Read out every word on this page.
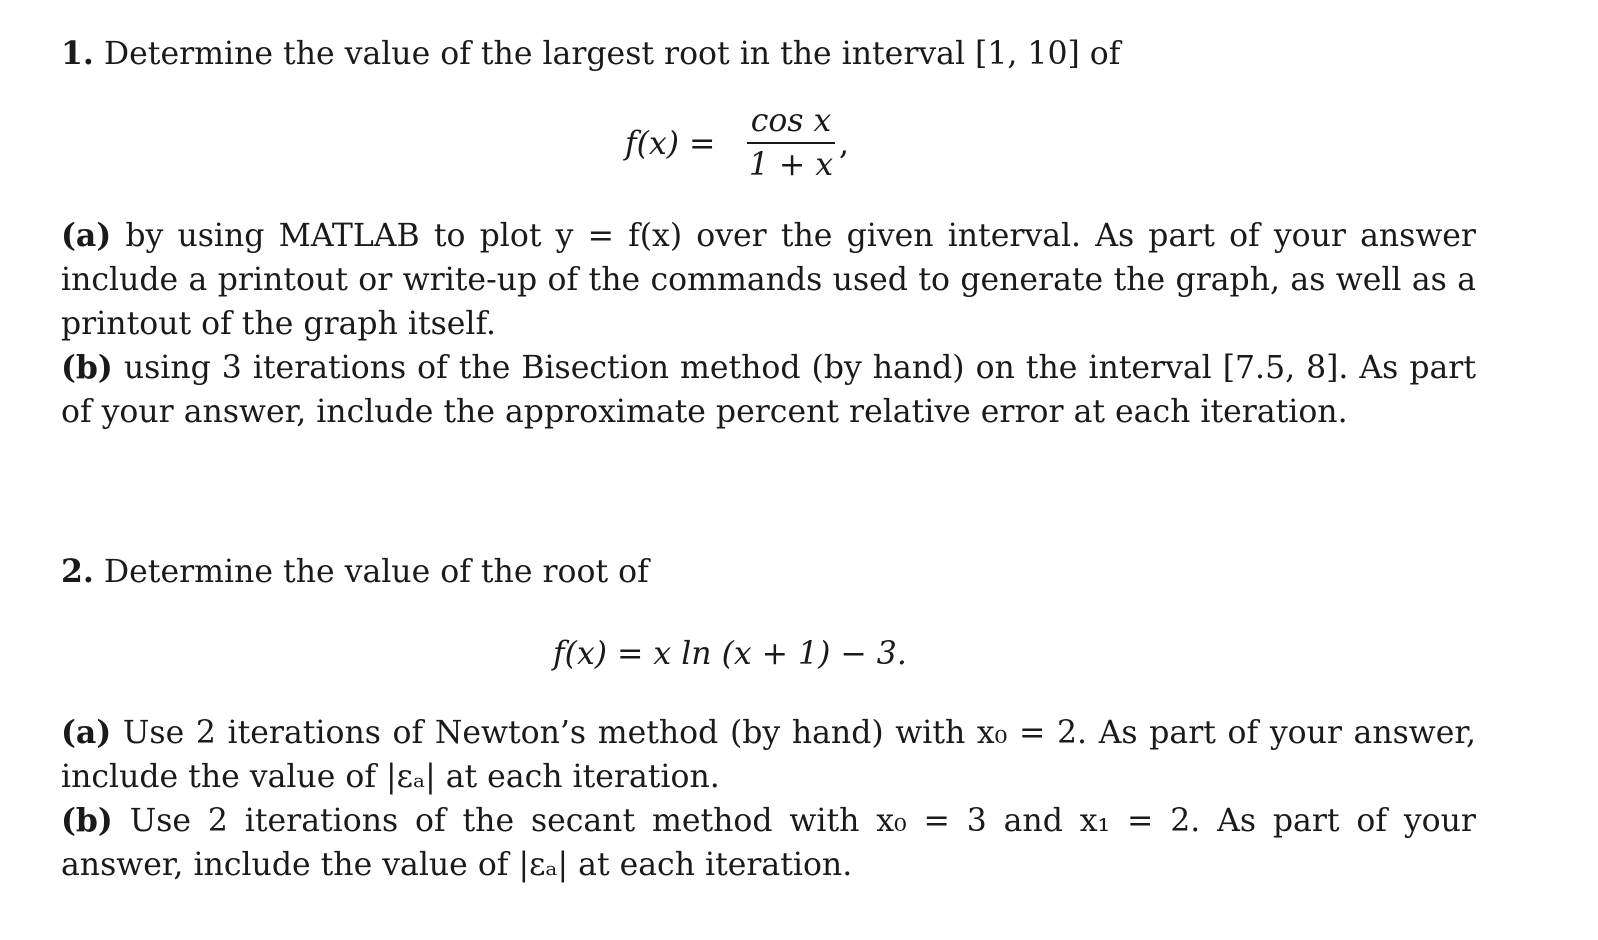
1. Determine the value of the largest root in the interval [1, 10] of
f(x) =
cos x
1 + x
,
(a) by using MATLAB to plot y = f(x) over the given interval. As part of your answer include a printout or write-up of the commands used to generate the graph, as well as a printout of the graph itself.
(b) using 3 iterations of the Bisection method (by hand) on the interval [7.5, 8]. As part of your answer, include the approximate percent relative error at each iteration.
2. Determine the value of the root of
f(x) = x ln (x + 1) − 3.
(a) Use 2 iterations of Newton’s method (by hand) with x₀ = 2. As part of your answer, include the value of |εₐ| at each iteration.
(b) Use 2 iterations of the secant method with x₀ = 3 and x₁ = 2. As part of your answer, include the value of |εₐ| at each iteration.
